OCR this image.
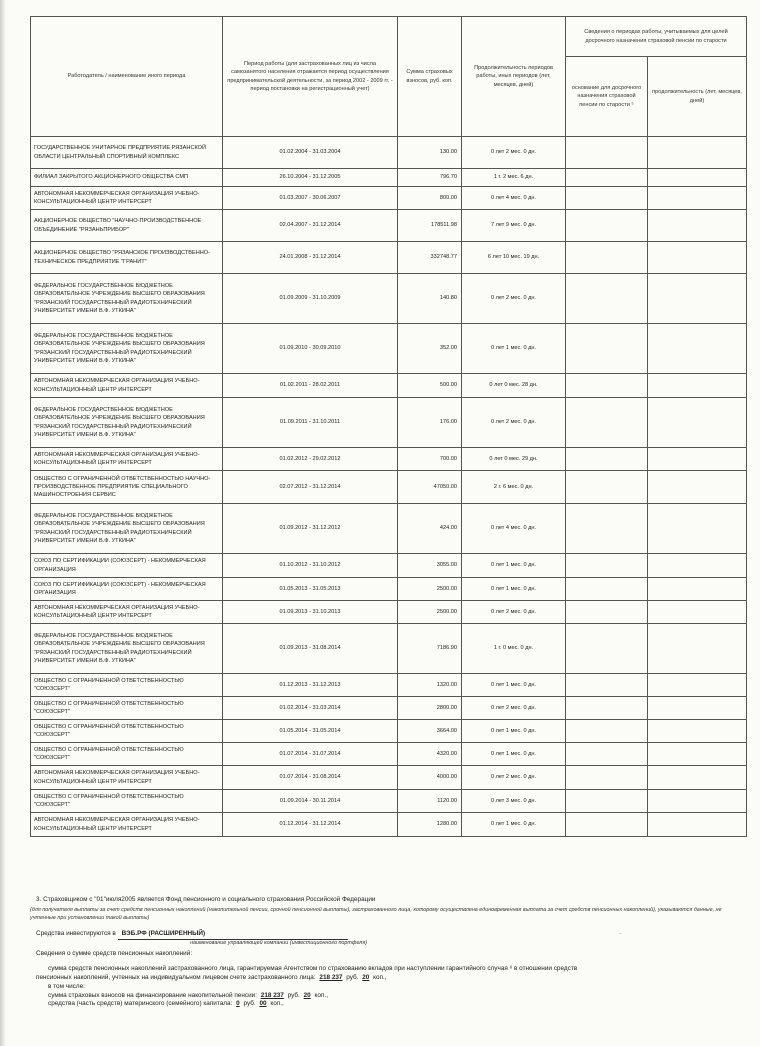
Работодатель / наименование иного периода	Период работы (для застрахованных лиц из числа самозанятого населения отражается период осуществления предпринимательской деятельности, за период 2002 - 2009 гг. - период постановки на регистрационный учет)	Сумма страховых взносов, руб. коп.	Продолжительность периодов работы, иных периодов (лет, месяцев, дней)	Сведения о периодах работы, учитываемых для целей досрочного назначения страховой пенсии по старости	
				основание для досрочного назначения страховой пенсии по старости ⁵	продолжительность (лет, месяцев, дней)
ГОСУДАРСТВЕННОЕ УНИТАРНОЕ ПРЕДПРИЯТИЕ РЯЗАНСКОЙ ОБЛАСТИ ЦЕНТРАЛЬНЫЙ СПОРТИВНЫЙ КОМПЛЕКС	01.02.2004 - 31.03.2004	130.00	0 лет 2 мес. 0 дн.		
ФИЛИАЛ ЗАКРЫТОГО АКЦИОНЕРНОГО ОБЩЕСТВА СМП	26.10.2004 - 31.12.2005	796.70	1 г. 2 мес. 6 дн.		
АВТОНОМНАЯ НЕКОММЕРЧЕСКАЯ ОРГАНИЗАЦИЯ УЧЕБНО-КОНСУЛЬТАЦИОННЫЙ ЦЕНТР ИНТЕРСЕРТ	01.03.2007 - 30.06.2007	800.00	0 лет 4 мес. 0 дн.		
АКЦИОНЕРНОЕ ОБЩЕСТВО "НАУЧНО-ПРОИЗВОДСТВЕННОЕ ОБЪЕДИНЕНИЕ "РЯЗАНЬПРИБОР"	02.04.2007 - 31.12.2014	178511.98	7 лет 9 мес. 0 дн.		
АКЦИОНЕРНОЕ ОБЩЕСТВО "РЯЗАНСКОЕ ПРОИЗВОДСТВЕННО-ТЕХНИЧЕСКОЕ ПРЕДПРИЯТИЕ "ГРАНИТ"	24.01.2008 - 31.12.2014	332748.77	6 лет 10 мес. 19 дн.		
ФЕДЕРАЛЬНОЕ ГОСУДАРСТВЕННОЕ БЮДЖЕТНОЕ ОБРАЗОВАТЕЛЬНОЕ УЧРЕЖДЕНИЕ ВЫСШЕГО ОБРАЗОВАНИЯ "РЯЗАНСКИЙ ГОСУДАРСТВЕННЫЙ РАДИОТЕХНИЧЕСКИЙ УНИВЕРСИТЕТ ИМЕНИ В.Ф. УТКИНА"	01.09.2009 - 31.10.2009	140.80	0 лет 2 мес. 0 дн.		
ФЕДЕРАЛЬНОЕ ГОСУДАРСТВЕННОЕ БЮДЖЕТНОЕ ОБРАЗОВАТЕЛЬНОЕ УЧРЕЖДЕНИЕ ВЫСШЕГО ОБРАЗОВАНИЯ "РЯЗАНСКИЙ ГОСУДАРСТВЕННЫЙ РАДИОТЕХНИЧЕСКИЙ УНИВЕРСИТЕТ ИМЕНИ В.Ф. УТКИНА"	01.09.2010 - 30.09.2010	352.00	0 лет 1 мес. 0 дн.		
АВТОНОМНАЯ НЕКОММЕРЧЕСКАЯ ОРГАНИЗАЦИЯ УЧЕБНО-КОНСУЛЬТАЦИОННЫЙ ЦЕНТР ИНТЕРСЕРТ	01.02.2011 - 28.02.2011	500.00	0 лет 0 мес. 28 дн.		
ФЕДЕРАЛЬНОЕ ГОСУДАРСТВЕННОЕ БЮДЖЕТНОЕ ОБРАЗОВАТЕЛЬНОЕ УЧРЕЖДЕНИЕ ВЫСШЕГО ОБРАЗОВАНИЯ "РЯЗАНСКИЙ ГОСУДАРСТВЕННЫЙ РАДИОТЕХНИЧЕСКИЙ УНИВЕРСИТЕТ ИМЕНИ В.Ф. УТКИНА"	01.09.2011 - 31.10.2011	176.00	0 лет 2 мес. 0 дн.		
АВТОНОМНАЯ НЕКОММЕРЧЕСКАЯ ОРГАНИЗАЦИЯ УЧЕБНО-КОНСУЛЬТАЦИОННЫЙ ЦЕНТР ИНТЕРСЕРТ	01.02.2012 - 29.02.2012	700.00	0 лет 0 мес. 29 дн.		
ОБЩЕСТВО С ОГРАНИЧЕННОЙ ОТВЕТСТВЕННОСТЬЮ НАУЧНО-ПРОИЗВОДСТВЕННОЕ ПРЕДПРИЯТИЕ СПЕЦИАЛЬНОГО МАШИНОСТРОЕНИЯ СЕРВИС	02.07.2012 - 31.12.2014	47050.00	2 г. 6 мес. 0 дн.		
ФЕДЕРАЛЬНОЕ ГОСУДАРСТВЕННОЕ БЮДЖЕТНОЕ ОБРАЗОВАТЕЛЬНОЕ УЧРЕЖДЕНИЕ ВЫСШЕГО ОБРАЗОВАНИЯ "РЯЗАНСКИЙ ГОСУДАРСТВЕННЫЙ РАДИОТЕХНИЧЕСКИЙ УНИВЕРСИТЕТ ИМЕНИ В.Ф. УТКИНА"	01.09.2012 - 31.12.2012	424.00	0 лет 4 мес. 0 дн.		
СОЮЗ ПО СЕРТИФИКАЦИИ (СОЮЗСЕРТ) - НЕКОММЕРЧЕСКАЯ ОРГАНИЗАЦИЯ	01.10.2012 - 31.10.2012	3055.00	0 лет 1 мес. 0 дн.		
СОЮЗ ПО СЕРТИФИКАЦИИ (СОЮЗСЕРТ) - НЕКОММЕРЧЕСКАЯ ОРГАНИЗАЦИЯ	01.05.2013 - 31.05.2013	2500.00	0 лет 1 мес. 0 дн.		
АВТОНОМНАЯ НЕКОММЕРЧЕСКАЯ ОРГАНИЗАЦИЯ УЧЕБНО-КОНСУЛЬТАЦИОННЫЙ ЦЕНТР ИНТЕРСЕРТ	01.09.2013 - 31.10.2013	2500.00	0 лет 2 мес. 0 дн.		
ФЕДЕРАЛЬНОЕ ГОСУДАРСТВЕННОЕ БЮДЖЕТНОЕ ОБРАЗОВАТЕЛЬНОЕ УЧРЕЖДЕНИЕ ВЫСШЕГО ОБРАЗОВАНИЯ "РЯЗАНСКИЙ ГОСУДАРСТВЕННЫЙ РАДИОТЕХНИЧЕСКИЙ УНИВЕРСИТЕТ ИМЕНИ В.Ф. УТКИНА"	01.09.2013 - 31.08.2014	7186.90	1 г. 0 мес. 0 дн.		
ОБЩЕСТВО С ОГРАНИЧЕННОЙ ОТВЕТСТВЕННОСТЬЮ "СОЮЗСЕРТ"	01.12.2013 - 31.12.2013	1320.00	0 лет 1 мес. 0 дн.		
ОБЩЕСТВО С ОГРАНИЧЕННОЙ ОТВЕТСТВЕННОСТЬЮ "СОЮЗСЕРТ"	01.02.2014 - 31.03.2014	2800.00	0 лет 2 мес. 0 дн.		
ОБЩЕСТВО С ОГРАНИЧЕННОЙ ОТВЕТСТВЕННОСТЬЮ "СОЮЗСЕРТ"	01.05.2014 - 31.05.2014	3664.00	0 лет 1 мес. 0 дн.		
ОБЩЕСТВО С ОГРАНИЧЕННОЙ ОТВЕТСТВЕННОСТЬЮ "СОЮЗСЕРТ"	01.07.2014 - 31.07.2014	4320.00	0 лет 1 мес. 0 дн.		
АВТОНОМНАЯ НЕКОММЕРЧЕСКАЯ ОРГАНИЗАЦИЯ УЧЕБНО-КОНСУЛЬТАЦИОННЫЙ ЦЕНТР ИНТЕРСЕРТ	01.07.2014 - 31.08.2014	4000.00	0 лет 2 мес. 0 дн.		
ОБЩЕСТВО С ОГРАНИЧЕННОЙ ОТВЕТСТВЕННОСТЬЮ "СОЮЗСЕРТ"	01.09.2014 - 30.11.2014	1120.00	0 лет 3 мес. 0 дн.		
АВТОНОМНАЯ НЕКОММЕРЧЕСКАЯ ОРГАНИЗАЦИЯ УЧЕБНО-КОНСУЛЬТАЦИОННЫЙ ЦЕНТР ИНТЕРСЕРТ	01.12.2014 - 31.12.2014	1280.00	0 лет 1 мес. 0 дн.		
3. Страховщиком с "01"июля2005 является Фонд пенсионного и социального страхования Российской Федерации
(для получателя выплаты за счет средств пенсионных накоплений (накопительной пенсии, срочной пенсионной выплаты), застрахованного лица, которому осуществлена единовременная выплата за счет средств пенсионных накоплений), указываются данные, не учтенные при установлении такой выплаты)
Средства инвестируются в ВЭБ.РФ (РАСШИРЕННЫЙ)	-
наименование управляющей компании (инвестиционного портфеля)
Сведения о сумме средств пенсионных накоплений:
сумма средств пенсионных накоплений застрахованного лица, гарантируемая Агентством по страхованию вкладов при наступлении гарантийного случая ⁶ в отношении средств
пенсионных накоплений, учтенных на индивидуальном лицевом счете застрахованного лица: 218 237 руб. 20 коп.,
в том числе:
сумма страховых взносов на финансирование накопительной пенсии: 218 237 руб. 20 коп.,
средства (часть средств) материнского (семейного) капитала: 0 руб. 00 коп.,
